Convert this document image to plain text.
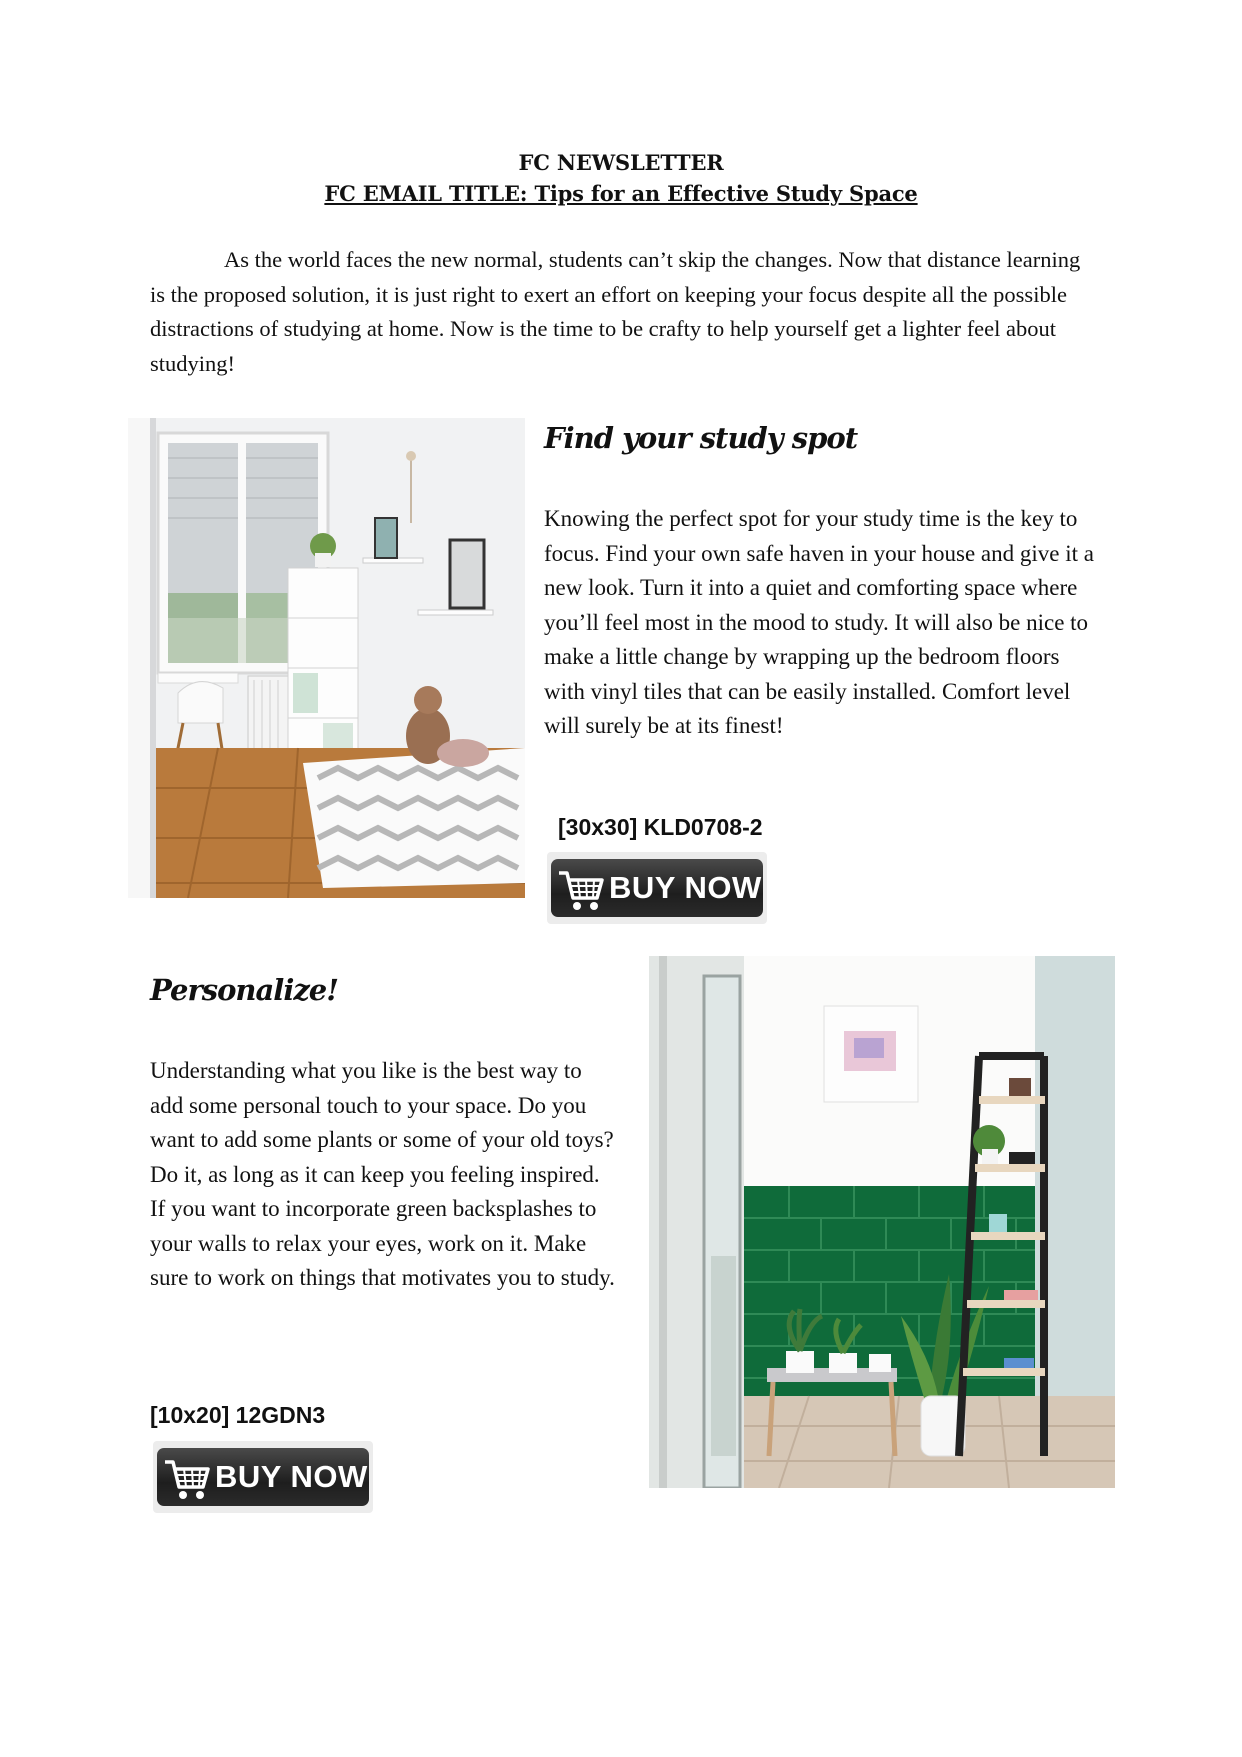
FC NEWSLETTER
FC EMAIL TITLE: Tips for an Effective Study Space
As the world faces the new normal, students can’t skip the changes. Now that distance learning is the proposed solution, it is just right to exert an effort on keeping your focus despite all the possible distractions of studying at home. Now is the time to be crafty to help yourself get a lighter feel about studying!
Find your study spot
Knowing the perfect spot for your study time is the key to focus. Find your own safe haven in your house and give it a new look. Turn it into a quiet and comforting space where you’ll feel most in the mood to study. It will also be nice to make a little change by wrapping up the bedroom floors with vinyl tiles that can be easily installed. Comfort level will surely be at its finest!
[30x30] KLD0708-2
BUY NOW
Personalize!
Understanding what you like is the best way to add some personal touch to your space. Do you want to add some plants or some of your old toys? Do it, as long as it can keep you feeling inspired. If you want to incorporate green backsplashes to your walls to relax your eyes, work on it. Make sure to work on things that motivates you to study.
[10x20] 12GDN3
BUY NOW
